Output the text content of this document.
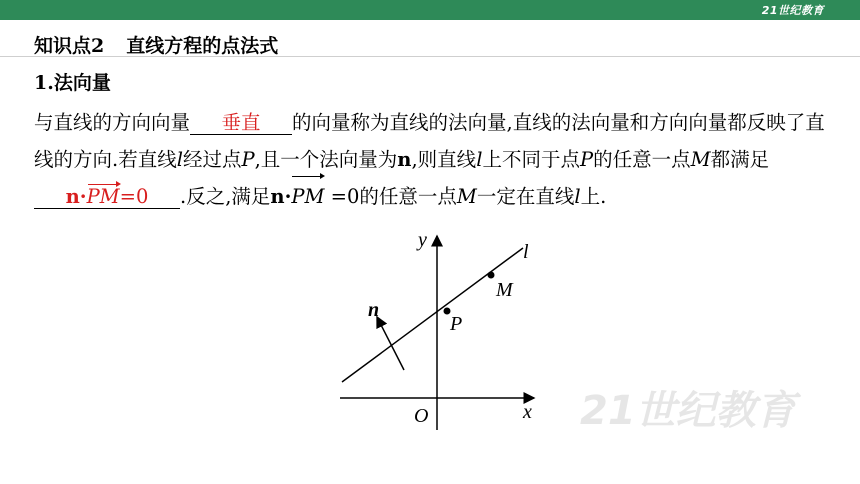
21世纪教育
知识点2 直线方程的点法式
1.法向量

与直线的方向向量 垂直 的向量称为直线的法向量,直线的法向量和方向向量都反映了直线的方向.若直线l经过点P,且一个法向量为n,则直线l上不同于点P的任意一点M都满足n·PM=0 .反之,满足n·PM =0的任意一点M一定在直线l上.

y
x
O
l
M
P
n
21世纪教育
